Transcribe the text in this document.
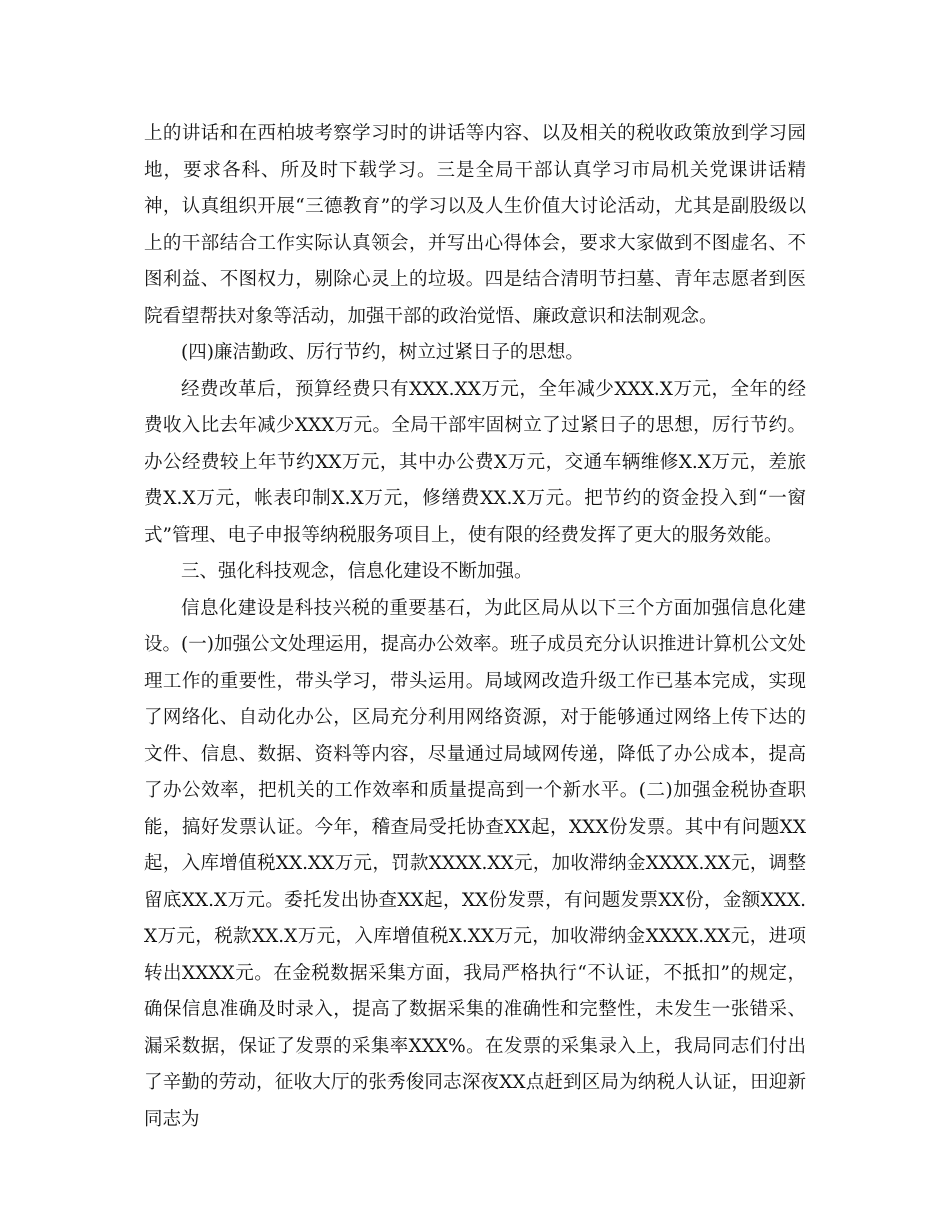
上的讲话和在西柏坡考察学习时的讲话等内容、以及相关的税收政策放到学习园地，要求各科、所及时下载学习。三是全局干部认真学习市局机关党课讲话精神，认真组织开展“三德教育”的学习以及人生价值大讨论活动，尤其是副股级以上的干部结合工作实际认真领会，并写出心得体会，要求大家做到不图虚名、不图利益、不图权力，剔除心灵上的垃圾。四是结合清明节扫墓、青年志愿者到医院看望帮扶对象等活动，加强干部的政治觉悟、廉政意识和法制观念。

(四)廉洁勤政、厉行节约，树立过紧日子的思想。

经费改革后，预算经费只有XXX.XX万元，全年减少XXX.X万元，全年的经费收入比去年减少XXX万元。全局干部牢固树立了过紧日子的思想，厉行节约。办公经费较上年节约XX万元，其中办公费X万元，交通车辆维修X.X万元，差旅费X.X万元，帐表印制X.X万元，修缮费XX.X万元。把节约的资金投入到“一窗式”管理、电子申报等纳税服务项目上，使有限的经费发挥了更大的服务效能。

三、强化科技观念，信息化建设不断加强。

信息化建设是科技兴税的重要基石，为此区局从以下三个方面加强信息化建设。(一)加强公文处理运用，提高办公效率。班子成员充分认识推进计算机公文处理工作的重要性，带头学习，带头运用。局域网改造升级工作已基本完成，实现了网络化、自动化办公，区局充分利用网络资源，对于能够通过网络上传下达的文件、信息、数据、资料等内容，尽量通过局域网传递，降低了办公成本，提高了办公效率，把机关的工作效率和质量提高到一个新水平。(二)加强金税协查职能，搞好发票认证。今年，稽查局受托协查XX起，XXX份发票。其中有问题XX起，入库增值税XX.XX万元，罚款XXXX.XX元，加收滞纳金XXXX.XX元，调整留底XX.X万元。委托发出协查XX起，XX份发票，有问题发票XX份，金额XXX.X万元，税款XX.X万元，入库增值税X.XX万元，加收滞纳金XXXX.XX元，进项转出XXXX元。在金税数据采集方面，我局严格执行“不认证，不抵扣”的规定，确保信息准确及时录入，提高了数据采集的准确性和完整性，未发生一张错采、漏采数据，保证了发票的采集率XXX%。在发票的采集录入上，我局同志们付出了辛勤的劳动，征收大厅的张秀俊同志深夜XX点赶到区局为纳税人认证，田迎新同志为
